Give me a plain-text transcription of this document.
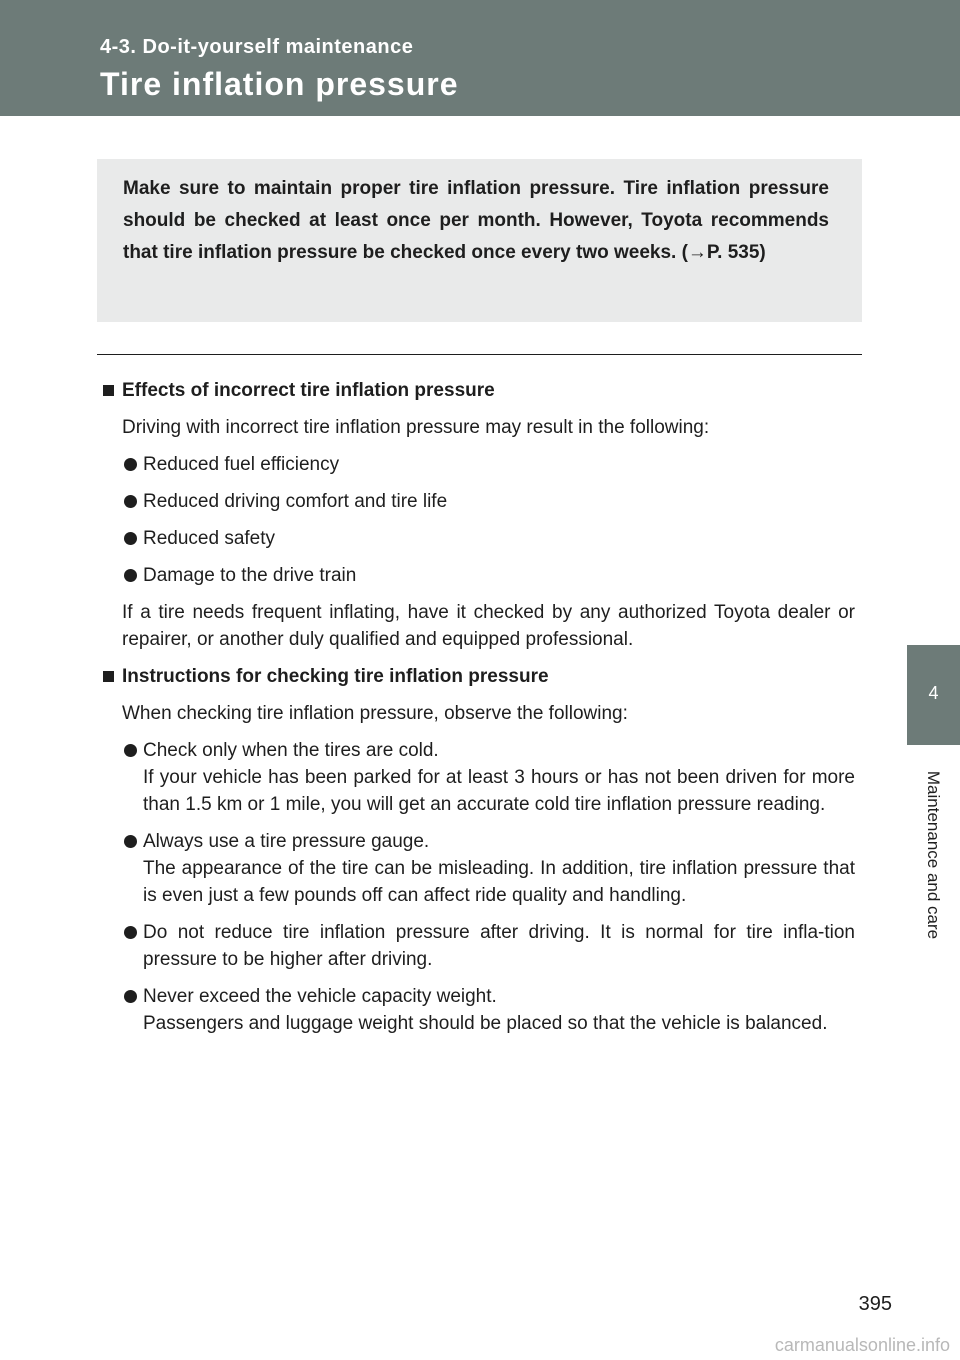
4-3. Do-it-yourself maintenance
Tire inflation pressure
4
Maintenance and care

Make sure to maintain proper tire inflation pressure. Tire inflation pressure should be checked at least once per month. However, Toyota recommends that tire inflation pressure be checked once every two weeks. (→P. 535)

Effects of incorrect tire inflation pressure
Driving with incorrect tire inflation pressure may result in the following:
Reduced fuel efficiency
Reduced driving comfort and tire life
Reduced safety
Damage to the drive train
If a tire needs frequent inflating, have it checked by any authorized Toyota dealer or repairer, or another duly qualified and equipped professional.
Instructions for checking tire inflation pressure
When checking tire inflation pressure, observe the following:
Check only when the tires are cold.
If your vehicle has been parked for at least 3 hours or has not been driven for more than 1.5 km or 1 mile, you will get an accurate cold tire inflation pressure reading.
Always use a tire pressure gauge.
The appearance of the tire can be misleading. In addition, tire inflation pressure that is even just a few pounds off can affect ride quality and handling.
Do not reduce tire inflation pressure after driving. It is normal for tire infla-tion pressure to be higher after driving.
Never exceed the vehicle capacity weight.
Passengers and luggage weight should be placed so that the vehicle is balanced.
395
carmanualsonline.info
